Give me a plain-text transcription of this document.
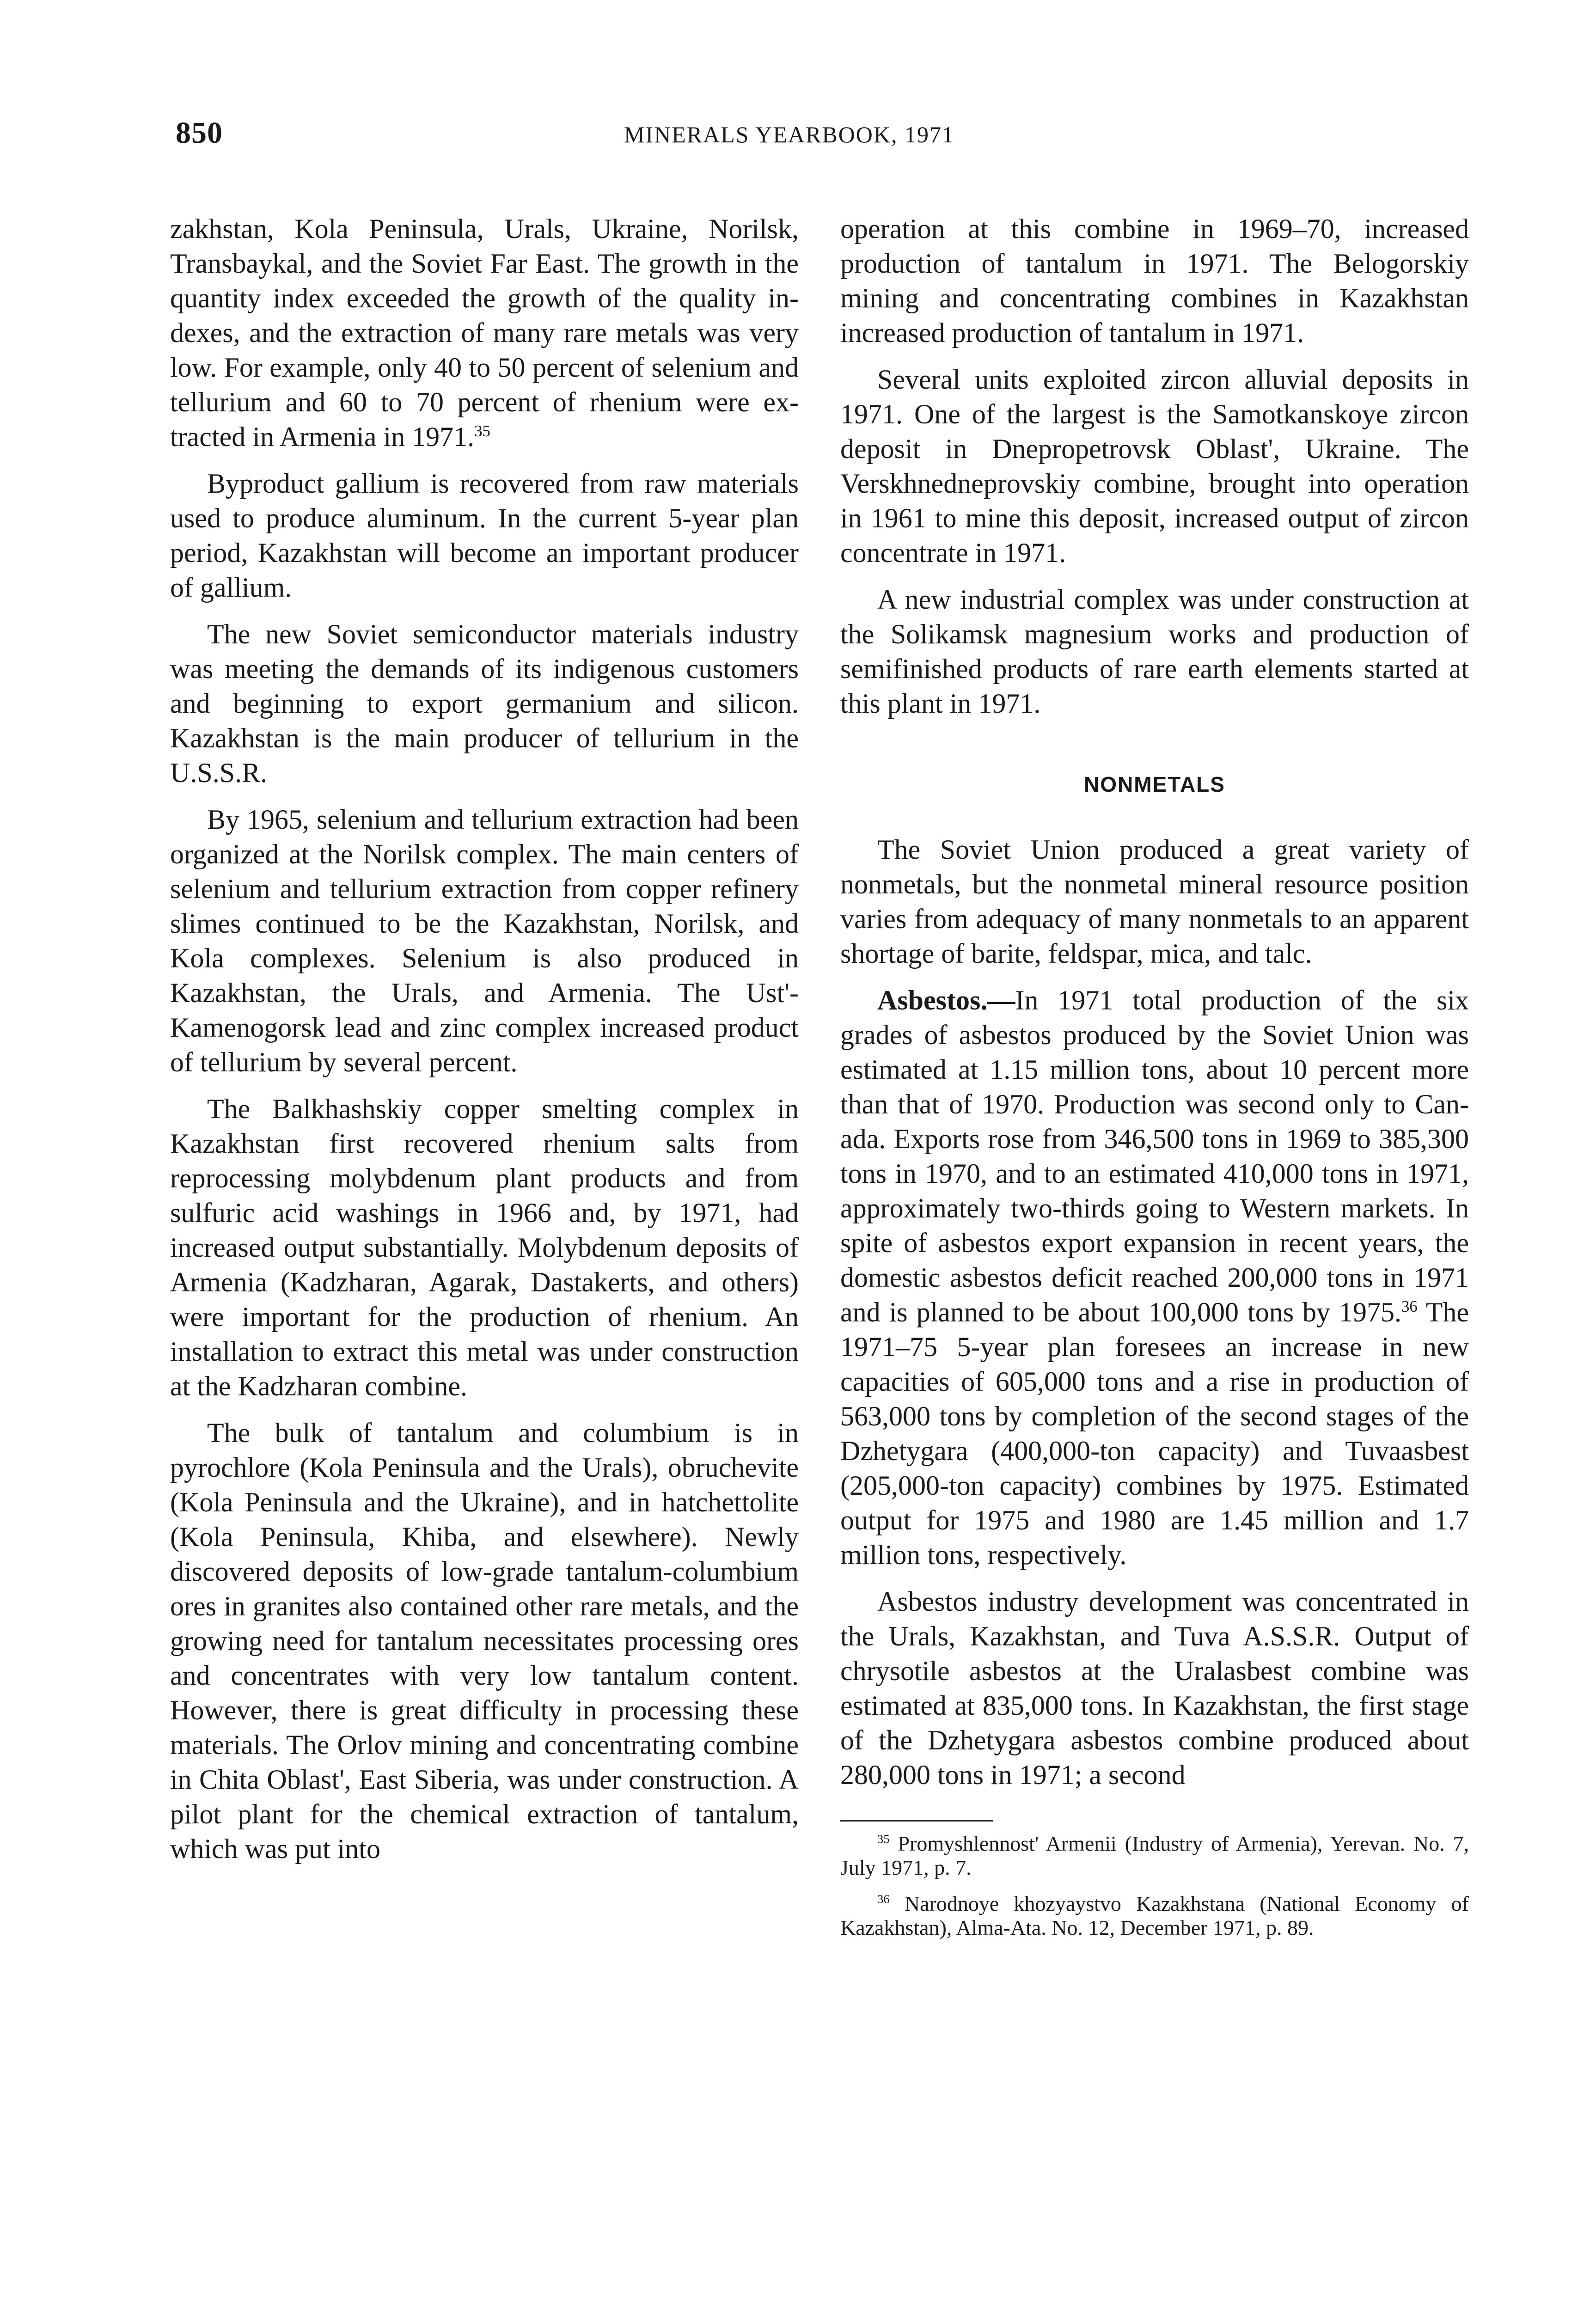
850	MINERALS YEARBOOK, 1971

zakhstan, Kola Peninsula, Urals, Ukraine, Norilsk, Transbaykal, and the Soviet Far East. The growth in the quantity index exceeded the growth of the quality indexes, and the extraction of many rare metals was very low. For example, only 40 to 50 percent of selenium and tellurium and 60 to 70 percent of rhenium were extracted in Armenia in 1971.35

Byproduct gallium is recovered from raw materials used to produce aluminum. In the current 5-year plan period, Kazakhstan will become an important producer of gallium.

The new Soviet semiconductor materials industry was meeting the demands of its indigenous customers and beginning to export germanium and silicon. Kazakhstan is the main producer of tellurium in the U.S.S.R.

By 1965, selenium and tellurium extraction had been organized at the Norilsk complex. The main centers of selenium and tellurium extraction from copper refinery slimes continued to be the Kazakhstan, Norilsk, and Kola complexes. Selenium is also produced in Kazakhstan, the Urals, and Armenia. The Ust'-Kamenogorsk lead and zinc complex increased product of tellurium by several percent.

The Balkhashskiy copper smelting complex in Kazakhstan first recovered rhenium salts from reprocessing molybdenum plant products and from sulfuric acid washings in 1966 and, by 1971, had increased output substantially. Molybdenum deposits of Armenia (Kadzharan, Agarak, Dastakerts, and others) were important for the production of rhenium. An installation to extract this metal was under construction at the Kadzharan combine.

The bulk of tantalum and columbium is in pyrochlore (Kola Peninsula and the Urals), obruchevite (Kola Peninsula and the Ukraine), and in hatchettolite (Kola Peninsula, Khiba, and elsewhere). Newly discovered deposits of low-grade tantalum-columbium ores in granites also contained other rare metals, and the growing need for tantalum necessitates processing ores and concentrates with very low tantalum content. However, there is great difficulty in processing these materials. The Orlov mining and concentrating combine in Chita Oblast', East Siberia, was under construction. A pilot plant for the chemical extraction of tantalum, which was put into

operation at this combine in 1969–70, increased production of tantalum in 1971. The Belogorskiy mining and concentrating combines in Kazakhstan increased production of tantalum in 1971.

Several units exploited zircon alluvial deposits in 1971. One of the largest is the Samotkanskoye zircon deposit in Dnepropetrovsk Oblast', Ukraine. The Verskhnedneprovskiy combine, brought into operation in 1961 to mine this deposit, increased output of zircon concentrate in 1971.

A new industrial complex was under construction at the Solikamsk magnesium works and production of semifinished products of rare earth elements started at this plant in 1971.

NONMETALS

The Soviet Union produced a great variety of nonmetals, but the nonmetal mineral resource position varies from adequacy of many nonmetals to an apparent shortage of barite, feldspar, mica, and talc.

Asbestos.—In 1971 total production of the six grades of asbestos produced by the Soviet Union was estimated at 1.15 million tons, about 10 percent more than that of 1970. Production was second only to Canada. Exports rose from 346,500 tons in 1969 to 385,300 tons in 1970, and to an estimated 410,000 tons in 1971, approximately two-thirds going to Western markets. In spite of asbestos export expansion in recent years, the domestic asbestos deficit reached 200,000 tons in 1971 and is planned to be about 100,000 tons by 1975.36 The 1971–75 5-year plan foresees an increase in new capacities of 605,000 tons and a rise in production of 563,000 tons by completion of the second stages of the Dzhetygara (400,000-ton capacity) and Tuvaasbest (205,000-ton capacity) combines by 1975. Estimated output for 1975 and 1980 are 1.45 million and 1.7 million tons, respectively.

Asbestos industry development was concentrated in the Urals, Kazakhstan, and Tuva A.S.S.R. Output of chrysotile asbestos at the Uralasbest combine was estimated at 835,000 tons. In Kazakhstan, the first stage of the Dzhetygara asbestos combine produced about 280,000 tons in 1971; a second

$^{35}$ Promyshlennost' Armenii (Industry of Armenia), Yerevan. No. 7, July 1971, p. 7.

$^{36}$ Narodnoye khozyaystvo Kazakhstana (National Economy of Kazakhstan), Alma-Ata. No. 12, December 1971, p. 89.
